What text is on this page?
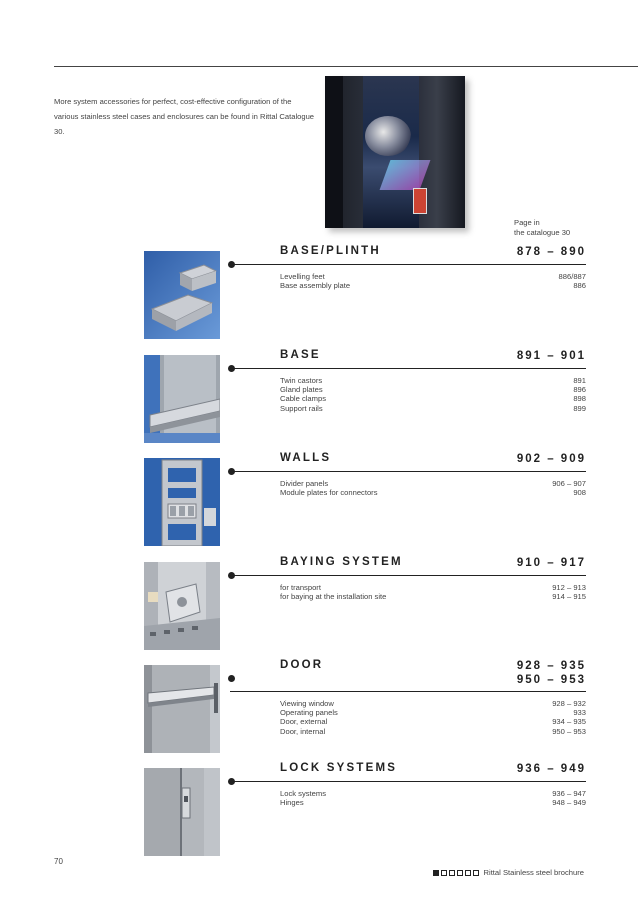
More system accessories for perfect, cost-effective configuration of the various stainless steel cases and enclosures can be found in Rittal Catalogue 30.
Page in
the catalogue 30
BASE/PLINTH	878 – 890
Levelling feet	886/887
Base assembly plate	886
BASE	891 – 901
Twin castors	891
Gland plates	896
Cable clamps	898
Support rails	899
WALLS	902 – 909
Divider panels	906 – 907
Module plates for connectors	908
BAYING SYSTEM	910 – 917
for transport	912 – 913
for baying at the installation site	914 – 915
DOOR	928 – 935
950 – 953
Viewing window	928 – 932
Operating panels	933
Door, external	934 – 935
Door, internal	950 – 953
LOCK SYSTEMS	936 – 949
Lock systems	936 – 947
Hinges	948 – 949
70
Rittal Stainless steel brochure
